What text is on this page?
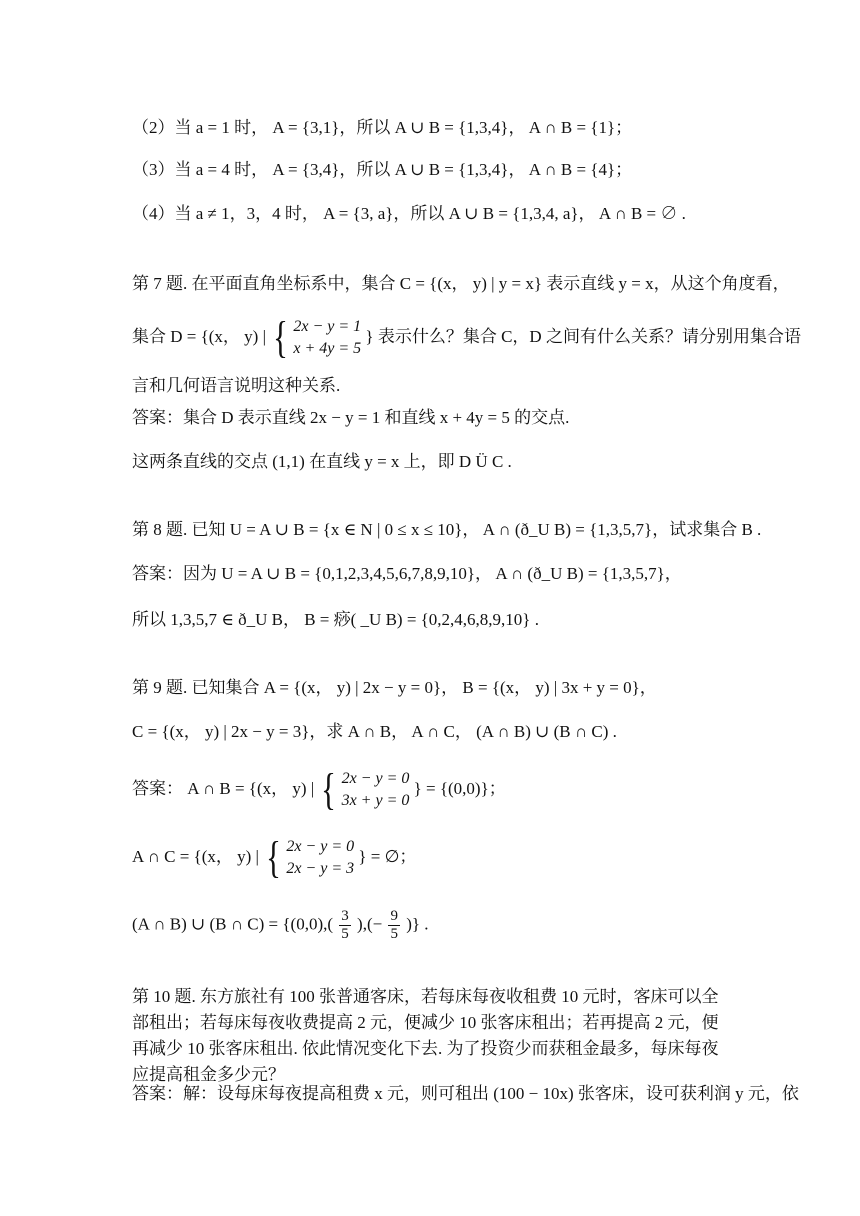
（2）当 a = 1 时， A = {3,1}，所以 A ∪ B = {1,3,4}， A ∩ B = {1}；
（3）当 a = 4 时， A = {3,4}，所以 A ∪ B = {1,3,4}， A ∩ B = {4}；
（4）当 a ≠ 1，3，4 时， A = {3, a}，所以 A ∪ B = {1,3,4, a}， A ∩ B = ∅ .
第 7 题. 在平面直角坐标系中，集合 C = {(x， y) | y = x} 表示直线 y = x，从这个角度看，
集合 D = {(x， y) | { 2x − y = 1
x + 4y = 5
} 表示什么？集合 C，D 之间有什么关系？请分别用集合语
言和几何语言说明这种关系.
答案：集合 D 表示直线 2x − y = 1 和直线 x + 4y = 5 的交点.
这两条直线的交点 (1,1) 在直线 y = x 上，即 D Ü C .
第 8 题. 已知 U = A ∪ B = {x ∈ N | 0 ≤ x ≤ 10}， A ∩ (ð_U B) = {1,3,5,7}，试求集合 B .
答案：因为 U = A ∪ B = {0,1,2,3,4,5,6,7,8,9,10}， A ∩ (ð_U B) = {1,3,5,7}，
所以 1,3,5,7 ∈ ð_U B， B = 痧( _U B) = {0,2,4,6,8,9,10} .
第 9 题. 已知集合 A = {(x， y) | 2x − y = 0}， B = {(x， y) | 3x + y = 0}，
C = {(x， y) | 2x − y = 3}，求 A ∩ B， A ∩ C， (A ∩ B) ∪ (B ∩ C) .
答案： A ∩ B = {(x， y) | { 2x − y = 0
3x + y = 0
} = {(0,0)}；
A ∩ C = {(x， y) | { 2x − y = 0
2x − y = 3
} = ∅；
(A ∩ B) ∪ (B ∩ $C) = \{(0,0),( \frac{3}{5}$ ),(− $\frac{9}{5}$ )} .
第 10 题. 东方旅社有 100 张普通客床，若每床每夜收租费 10 元时，客床可以全部租出；若每床每夜收费提高 2 元，便减少 10 张客床租出；若再提高 2 元，便再减少 10 张客床租出. 依此情况变化下去. 为了投资少而获租金最多，每床每夜应提高租金多少元？
答案：解：设每床每夜提高租费 x 元，则可租出 (100 − 10x) 张客床，设可获利润 y 元，依
